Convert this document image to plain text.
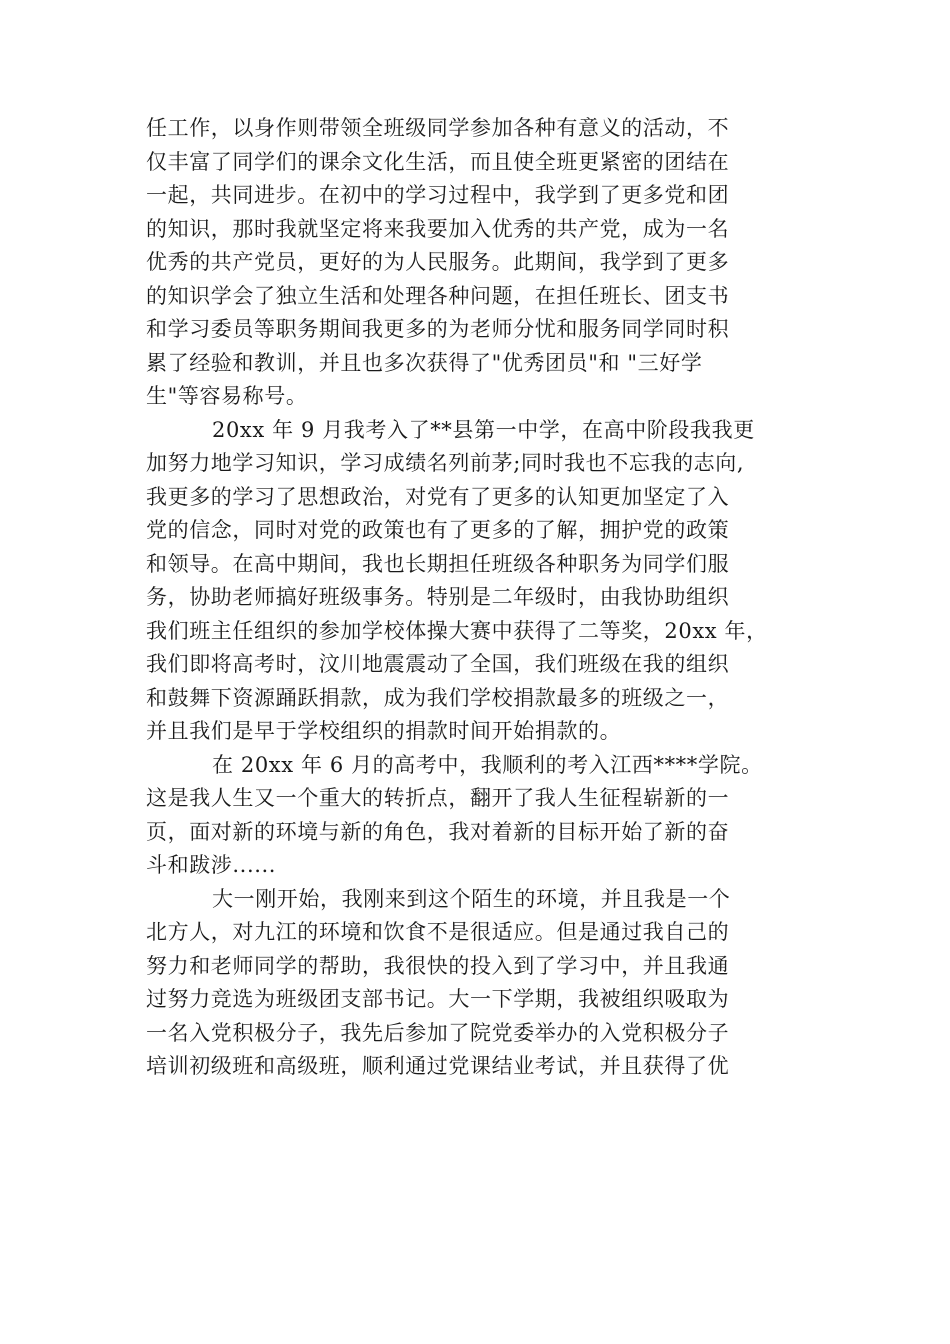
任工作，以身作则带领全班级同学参加各种有意义的活动，不
仅丰富了同学们的课余文化生活，而且使全班更紧密的团结在
一起，共同进步。在初中的学习过程中，我学到了更多党和团
的知识，那时我就坚定将来我要加入优秀的共产党，成为一名
优秀的共产党员，更好的为人民服务。此期间，我学到了更多
的知识学会了独立生活和处理各种问题，在担任班长、团支书
和学习委员等职务期间我更多的为老师分忧和服务同学同时积
累了经验和教训，并且也多次获得了"优秀团员"和 "三好学
生"等容易称号。
20xx 年 9 月我考入了**县第一中学，在高中阶段我我更
加努力地学习知识，学习成绩名列前茅;同时我也不忘我的志向,
我更多的学习了思想政治，对党有了更多的认知更加坚定了入
党的信念，同时对党的政策也有了更多的了解，拥护党的政策
和领导。在高中期间，我也长期担任班级各种职务为同学们服
务，协助老师搞好班级事务。特别是二年级时，由我协助组织
我们班主任组织的参加学校体操大赛中获得了二等奖，20xx 年，
我们即将高考时，汶川地震震动了全国，我们班级在我的组织
和鼓舞下资源踊跃捐款，成为我们学校捐款最多的班级之一，
并且我们是早于学校组织的捐款时间开始捐款的。
在 20xx 年 6 月的高考中，我顺利的考入江西****学院。
这是我人生又一个重大的转折点，翻开了我人生征程崭新的一
页，面对新的环境与新的角色，我对着新的目标开始了新的奋
斗和跋涉......
大一刚开始，我刚来到这个陌生的环境，并且我是一个
北方人，对九江的环境和饮食不是很适应。但是通过我自己的
努力和老师同学的帮助，我很快的投入到了学习中，并且我通
过努力竞选为班级团支部书记。大一下学期，我被组织吸取为
一名入党积极分子，我先后参加了院党委举办的入党积极分子
培训初级班和高级班，顺利通过党课结业考试，并且获得了优
